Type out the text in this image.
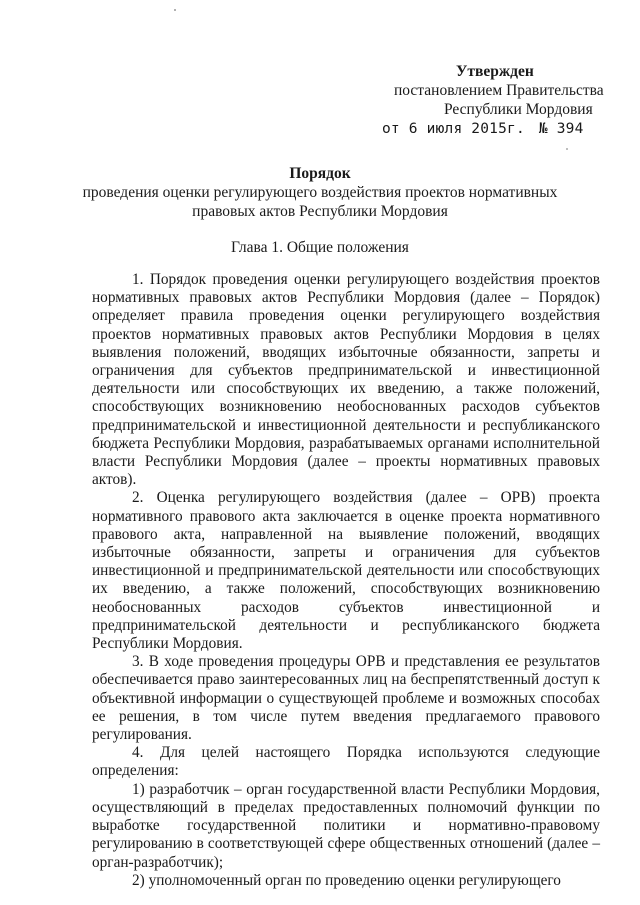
Утвержден
постановлением Правительства
Республики Мордовия
от 6 июля 2015г. № 394
Порядок
проведения оценки регулирующего воздействия проектов нормативных
правовых актов Республики Мордовия
Глава 1. Общие положения

1. Порядок проведения оценки регулирующего воздействия проектов нормативных правовых актов Республики Мордовия (далее – Порядок) определяет правила проведения оценки регулирующего воздействия проектов нормативных правовых актов Республики Мордовия в целях выявления положений, вводящих избыточные обязанности, запреты и ограничения для субъектов предпринимательской и инвестиционной деятельности или способствующих их введению, а также положений, способствующих возникновению необоснованных расходов субъектов предпринимательской и инвестиционной деятельности и республиканского бюджета Республики Мордовия, разрабатываемых органами исполнительной власти Республики Мордовия (далее – проекты нормативных правовых актов).

2. Оценка регулирующего воздействия (далее – ОРВ) проекта нормативного правового акта заключается в оценке проекта нормативного правового акта, направленной на выявление положений, вводящих избыточные обязанности, запреты и ограничения для субъектов инвестиционной и предпринимательской деятельности или способствующих их введению, а также положений, способствующих возникновению необоснованных расходов субъектов инвестиционной и предпринимательской деятельности и республиканского бюджета Республики Мордовия.

3. В ходе проведения процедуры ОРВ и представления ее результатов обеспечивается право заинтересованных лиц на беспрепятственный доступ к объективной информации о существующей проблеме и возможных способах ее решения, в том числе путем введения предлагаемого правового регулирования.

4. Для целей настоящего Порядка используются следующие определения:

1) разработчик – орган государственной власти Республики Мордовия, осуществляющий в пределах предоставленных полномочий функции по выработке государственной политики и нормативно-правовому регулированию в соответствующей сфере общественных отношений (далее – орган-разработчик);

2) уполномоченный орган по проведению оценки регулирующего
